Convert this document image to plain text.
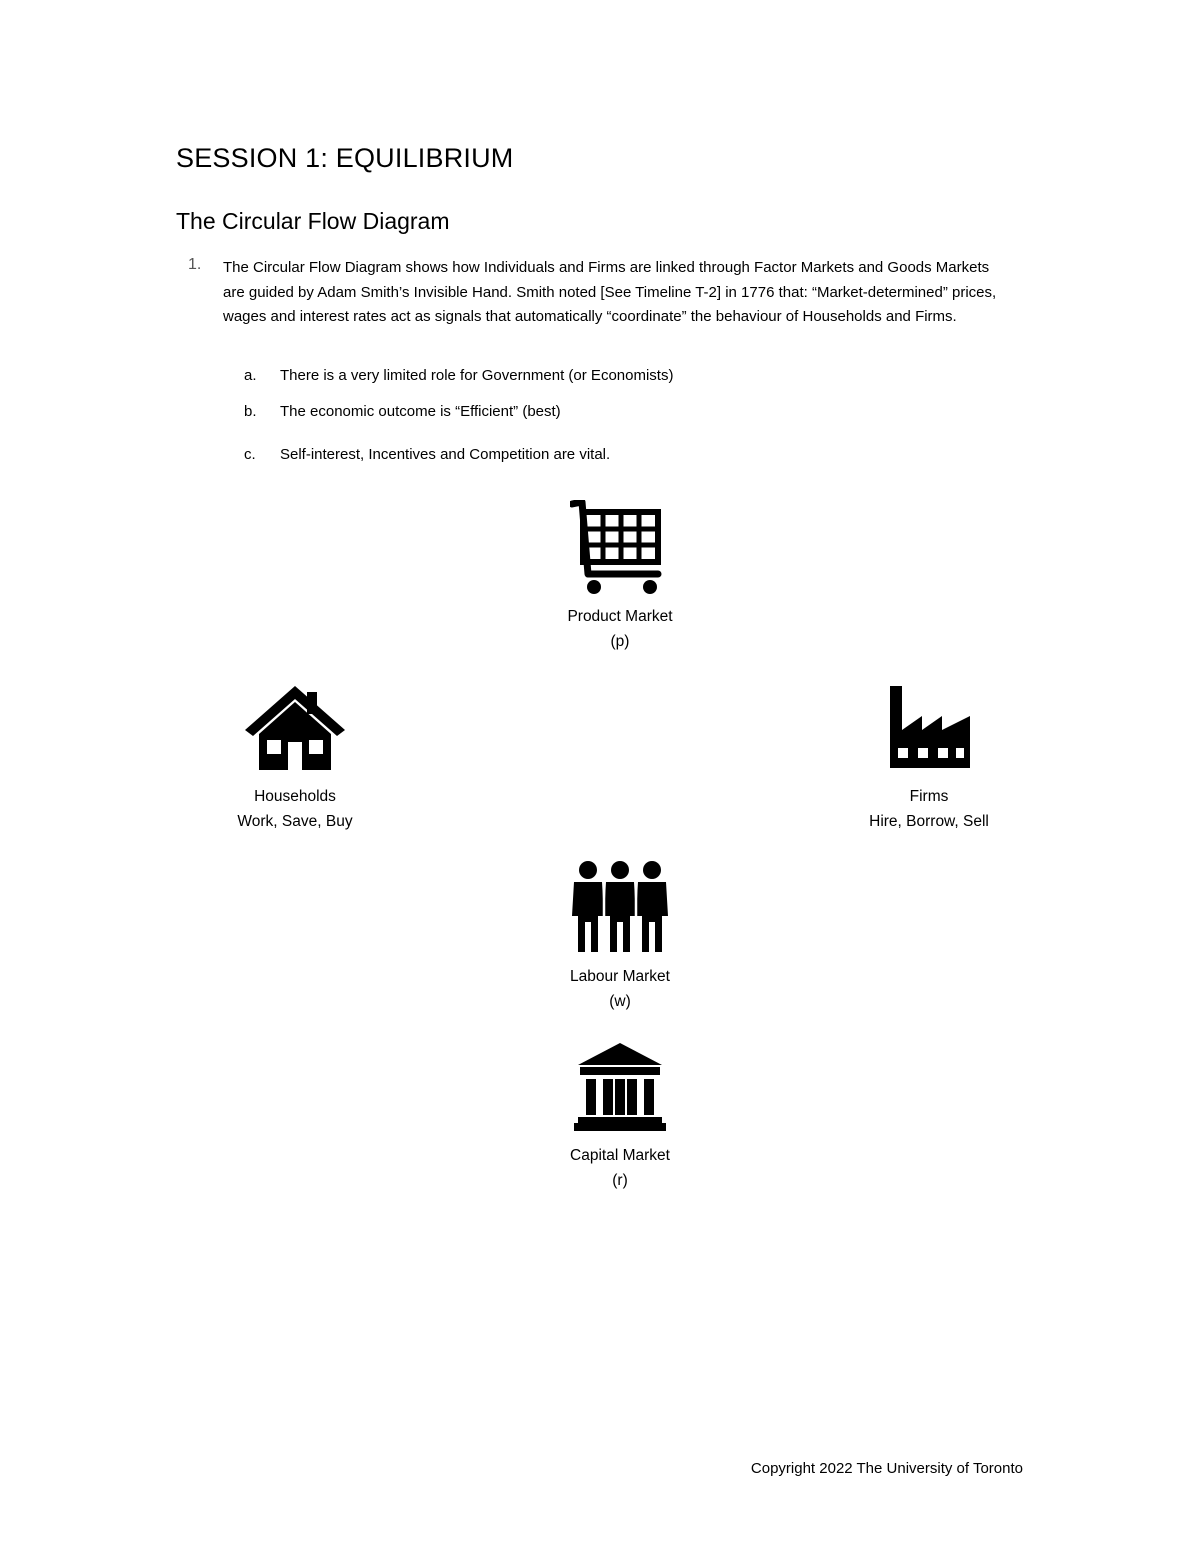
SESSION 1: EQUILIBRIUM
The Circular Flow Diagram
1. The Circular Flow Diagram shows how Individuals and Firms are linked through Factor Markets and Goods Markets are guided by Adam Smith’s Invisible Hand. Smith noted [See Timeline T-2] in 1776 that: “Market-determined” prices, wages and interest rates act as signals that automatically “coordinate” the behaviour of Households and Firms.
a. There is a very limited role for Government (or Economists)
b. The economic outcome is “Efficient” (best)
c. Self-interest, Incentives and Competition are vital.
Product Market
(p)
Households
Work, Save, Buy
Firms
Hire, Borrow, Sell
Labour Market
(w)
Capital Market
(r)
Copyright 2022 The University of Toronto
